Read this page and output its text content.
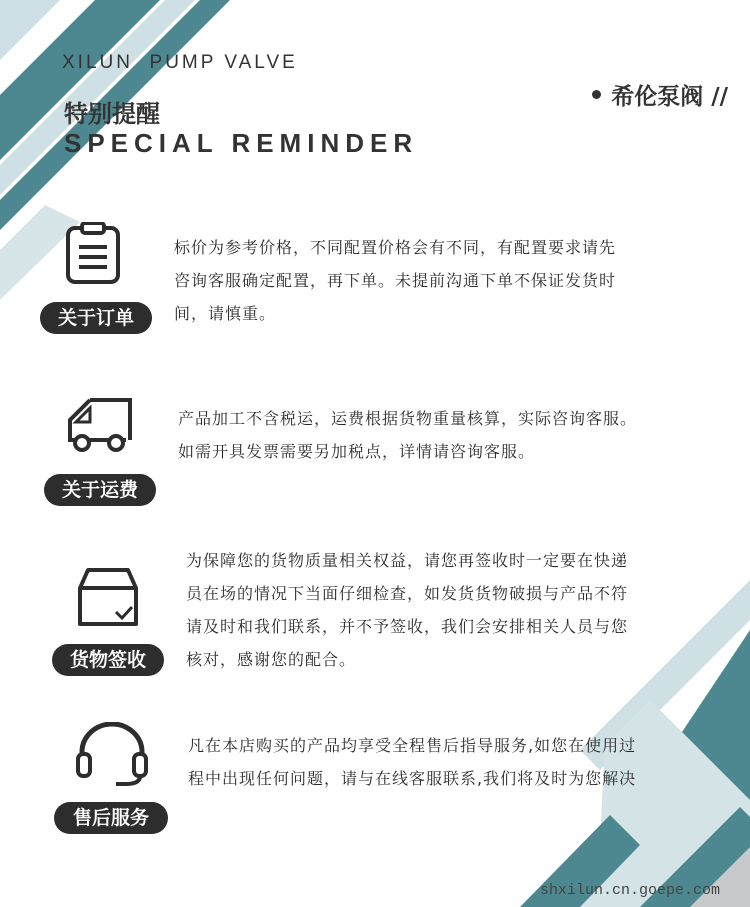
XILUN  PUMP VALVE
特别提醒
SPECIAL REMINDER
希伦泵阀 //
关于订单

标价为参考价格，不同配置价格会有不同，有配置要求请先

咨询客服确定配置，再下单。未提前沟通下单不保证发货时

间，请慎重。

关于运费

产品加工不含税运，运费根据货物重量核算，实际咨询客服。

如需开具发票需要另加税点，详情请咨询客服。

货物签收

为保障您的货物质量相关权益，请您再签收时一定要在快递

员在场的情况下当面仔细检查，如发货货物破损与产品不符

请及时和我们联系，并不予签收，我们会安排相关人员与您

核对，感谢您的配合。

售后服务

凡在本店购买的产品均享受全程售后指导服务,如您在使用过

程中出现任何问题，请与在线客服联系,我们将及时为您解决

shxilun.cn.goepe.com
